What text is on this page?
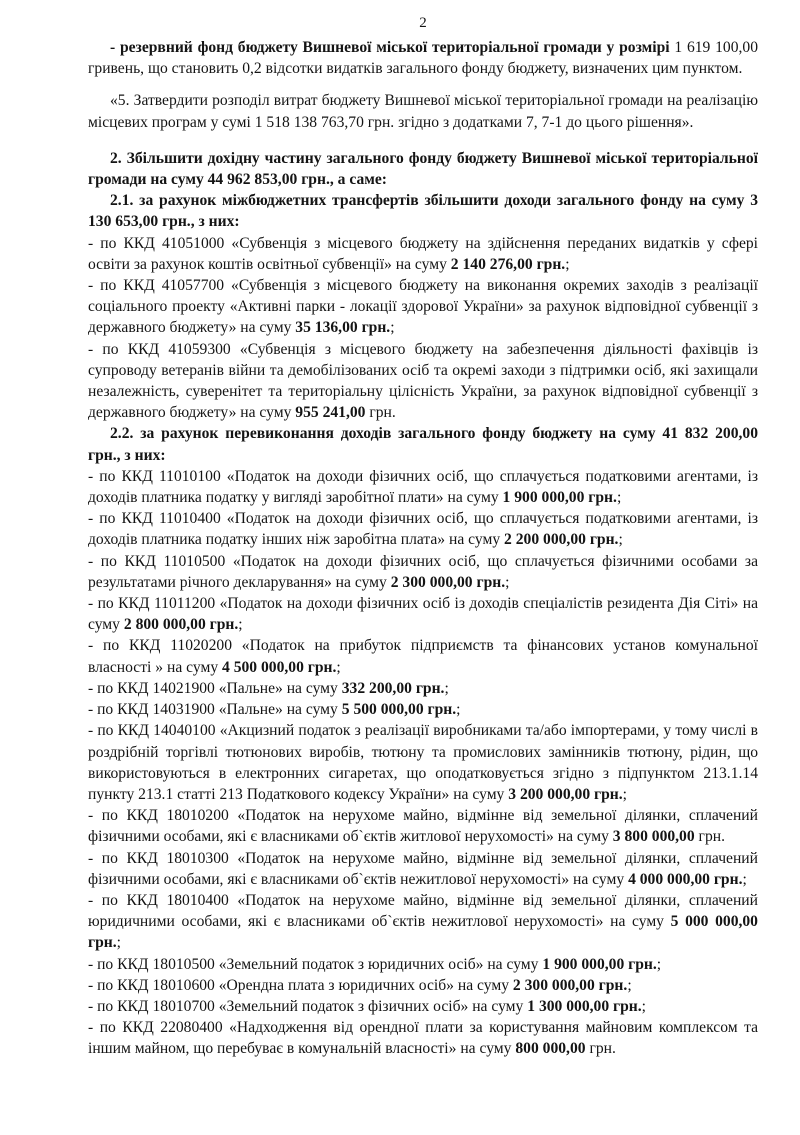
2

- резервний фонд бюджету Вишневої міської територіальної громади у розмірі 1 619 100,00 гривень, що становить 0,2 відсотки видатків загального фонду бюджету, визначених цим пунктом.

«5. Затвердити розподіл витрат бюджету Вишневої міської територіальної громади на реалізацію місцевих програм у сумі 1 518 138 763,70 грн. згідно з додатками 7, 7-1 до цього рішення».

2. Збільшити дохідну частину загального фонду бюджету Вишневої міської територіальної громади на суму 44 962 853,00 грн., а саме:

2.1. за рахунок міжбюджетних трансфертів збільшити доходи загального фонду на суму 3 130 653,00 грн., з них:

- по ККД 41051000 «Субвенція з місцевого бюджету на здійснення переданих видатків у сфері освіти за рахунок коштів освітньої субвенції» на суму 2 140 276,00 грн.;

- по ККД 41057700 «Субвенція з місцевого бюджету на виконання окремих заходів з реалізації соціального проекту «Активні парки - локації здорової України» за рахунок відповідної субвенції з державного бюджету» на суму 35 136,00 грн.;

- по ККД 41059300 «Субвенція з місцевого бюджету на забезпечення діяльності фахівців із супроводу ветеранів війни та демобілізованих осіб та окремі заходи з підтримки осіб, які захищали незалежність, суверенітет та територіальну цілісність України, за рахунок відповідної субвенції з державного бюджету» на суму 955 241,00 грн.

2.2. за рахунок перевиконання доходів загального фонду бюджету на суму 41 832 200,00 грн., з них:

- по ККД 11010100 «Податок на доходи фізичних осіб, що сплачується податковими агентами, із доходів платника податку у вигляді заробітної плати» на суму 1 900 000,00 грн.;

- по ККД 11010400 «Податок на доходи фізичних осіб, що сплачується податковими агентами, із доходів платника податку інших ніж заробітна плата» на суму 2 200 000,00 грн.;

- по ККД 11010500 «Податок на доходи фізичних осіб, що сплачується фізичними особами за результатами річного декларування» на суму 2 300 000,00 грн.;

- по ККД 11011200 «Податок на доходи фізичних осіб із доходів спеціалістів резидента Дія Сіті» на суму 2 800 000,00 грн.;

- по ККД 11020200 «Податок на прибуток підприємств та фінансових установ комунальної власності » на суму 4 500 000,00 грн.;

- по ККД 14021900 «Пальне» на суму 332 200,00 грн.;

- по ККД 14031900 «Пальне» на суму 5 500 000,00 грн.;

- по ККД 14040100 «Акцизний податок з реалізації виробниками та/або імпортерами, у тому числі в роздрібній торгівлі тютюнових виробів, тютюну та промислових замінників тютюну, рідин, що використовуються в електронних сигаретах, що оподатковується згідно з підпунктом 213.1.14 пункту 213.1 статті 213 Податкового кодексу України» на суму 3 200 000,00 грн.;

- по ККД 18010200 «Податок на нерухоме майно, відмінне від земельної ділянки, сплачений фізичними особами, які є власниками об`єктів житлової нерухомості» на суму 3 800 000,00 грн.

- по ККД 18010300 «Податок на нерухоме майно, відмінне від земельної ділянки, сплачений фізичними особами, які є власниками об`єктів нежитлової нерухомості» на суму 4 000 000,00 грн.;

- по ККД 18010400 «Податок на нерухоме майно, відмінне від земельної ділянки, сплачений юридичними особами, які є власниками об`єктів нежитлової нерухомості» на суму 5 000 000,00 грн.;

- по ККД 18010500 «Земельний податок з юридичних осіб» на суму 1 900 000,00 грн.;

- по ККД 18010600 «Орендна плата з юридичних осіб» на суму 2 300 000,00 грн.;

- по ККД 18010700 «Земельний податок з фізичних осіб» на суму 1 300 000,00 грн.;

- по ККД 22080400 «Надходження від орендної плати за користування майновим комплексом та іншим майном, що перебуває в комунальній власності» на суму 800 000,00 грн.
